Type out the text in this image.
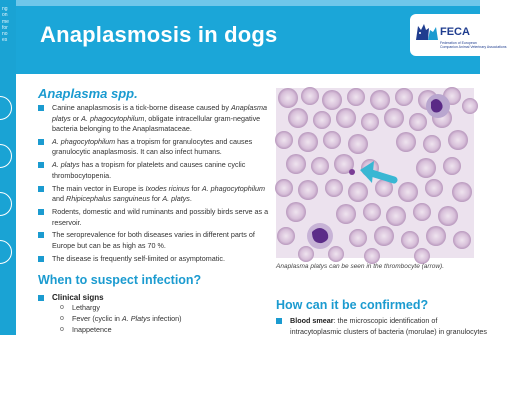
ng
on
me
for
no
es	Anaplasmosis in dogs	FECA
Federation of European
Companion Animal Veterinary Associations
Anaplasma spp.
Canine anaplasmosis is a tick-borne disease caused by Anaplasma platys or A. phagocytophilum, obligate intracellular gram-negative bacteria belonging to the Anaplasmataceae.
A. phagocytophilum has a tropism for granulocytes and causes granulocytic anaplasmosis. It can also infect humans.
A. platys has a tropism for platelets and causes canine cyclic thrombocytopenia.
The main vector in Europe is Ixodes ricinus for A. phagocytophilum and Rhipicephalus sanguineus for A. platys.
Rodents, domestic and wild ruminants and possibly birds serve as a reservoir.
The seroprevalence for both diseases varies in different parts of Europe but can be as high as 70 %.
The disease is frequently self-limited or asymptomatic.
When to suspect infection?
Clinical signs
o Lethargy
o Fever (cyclic in A. Platys infection)
o Inappetence
Anaplasma platys can be seen in the thrombocyte (arrow).
How can it be confirmed?
Blood smear: the microscopic identification of intracytoplasmic clusters of bacteria (morulae) in granulocytes
